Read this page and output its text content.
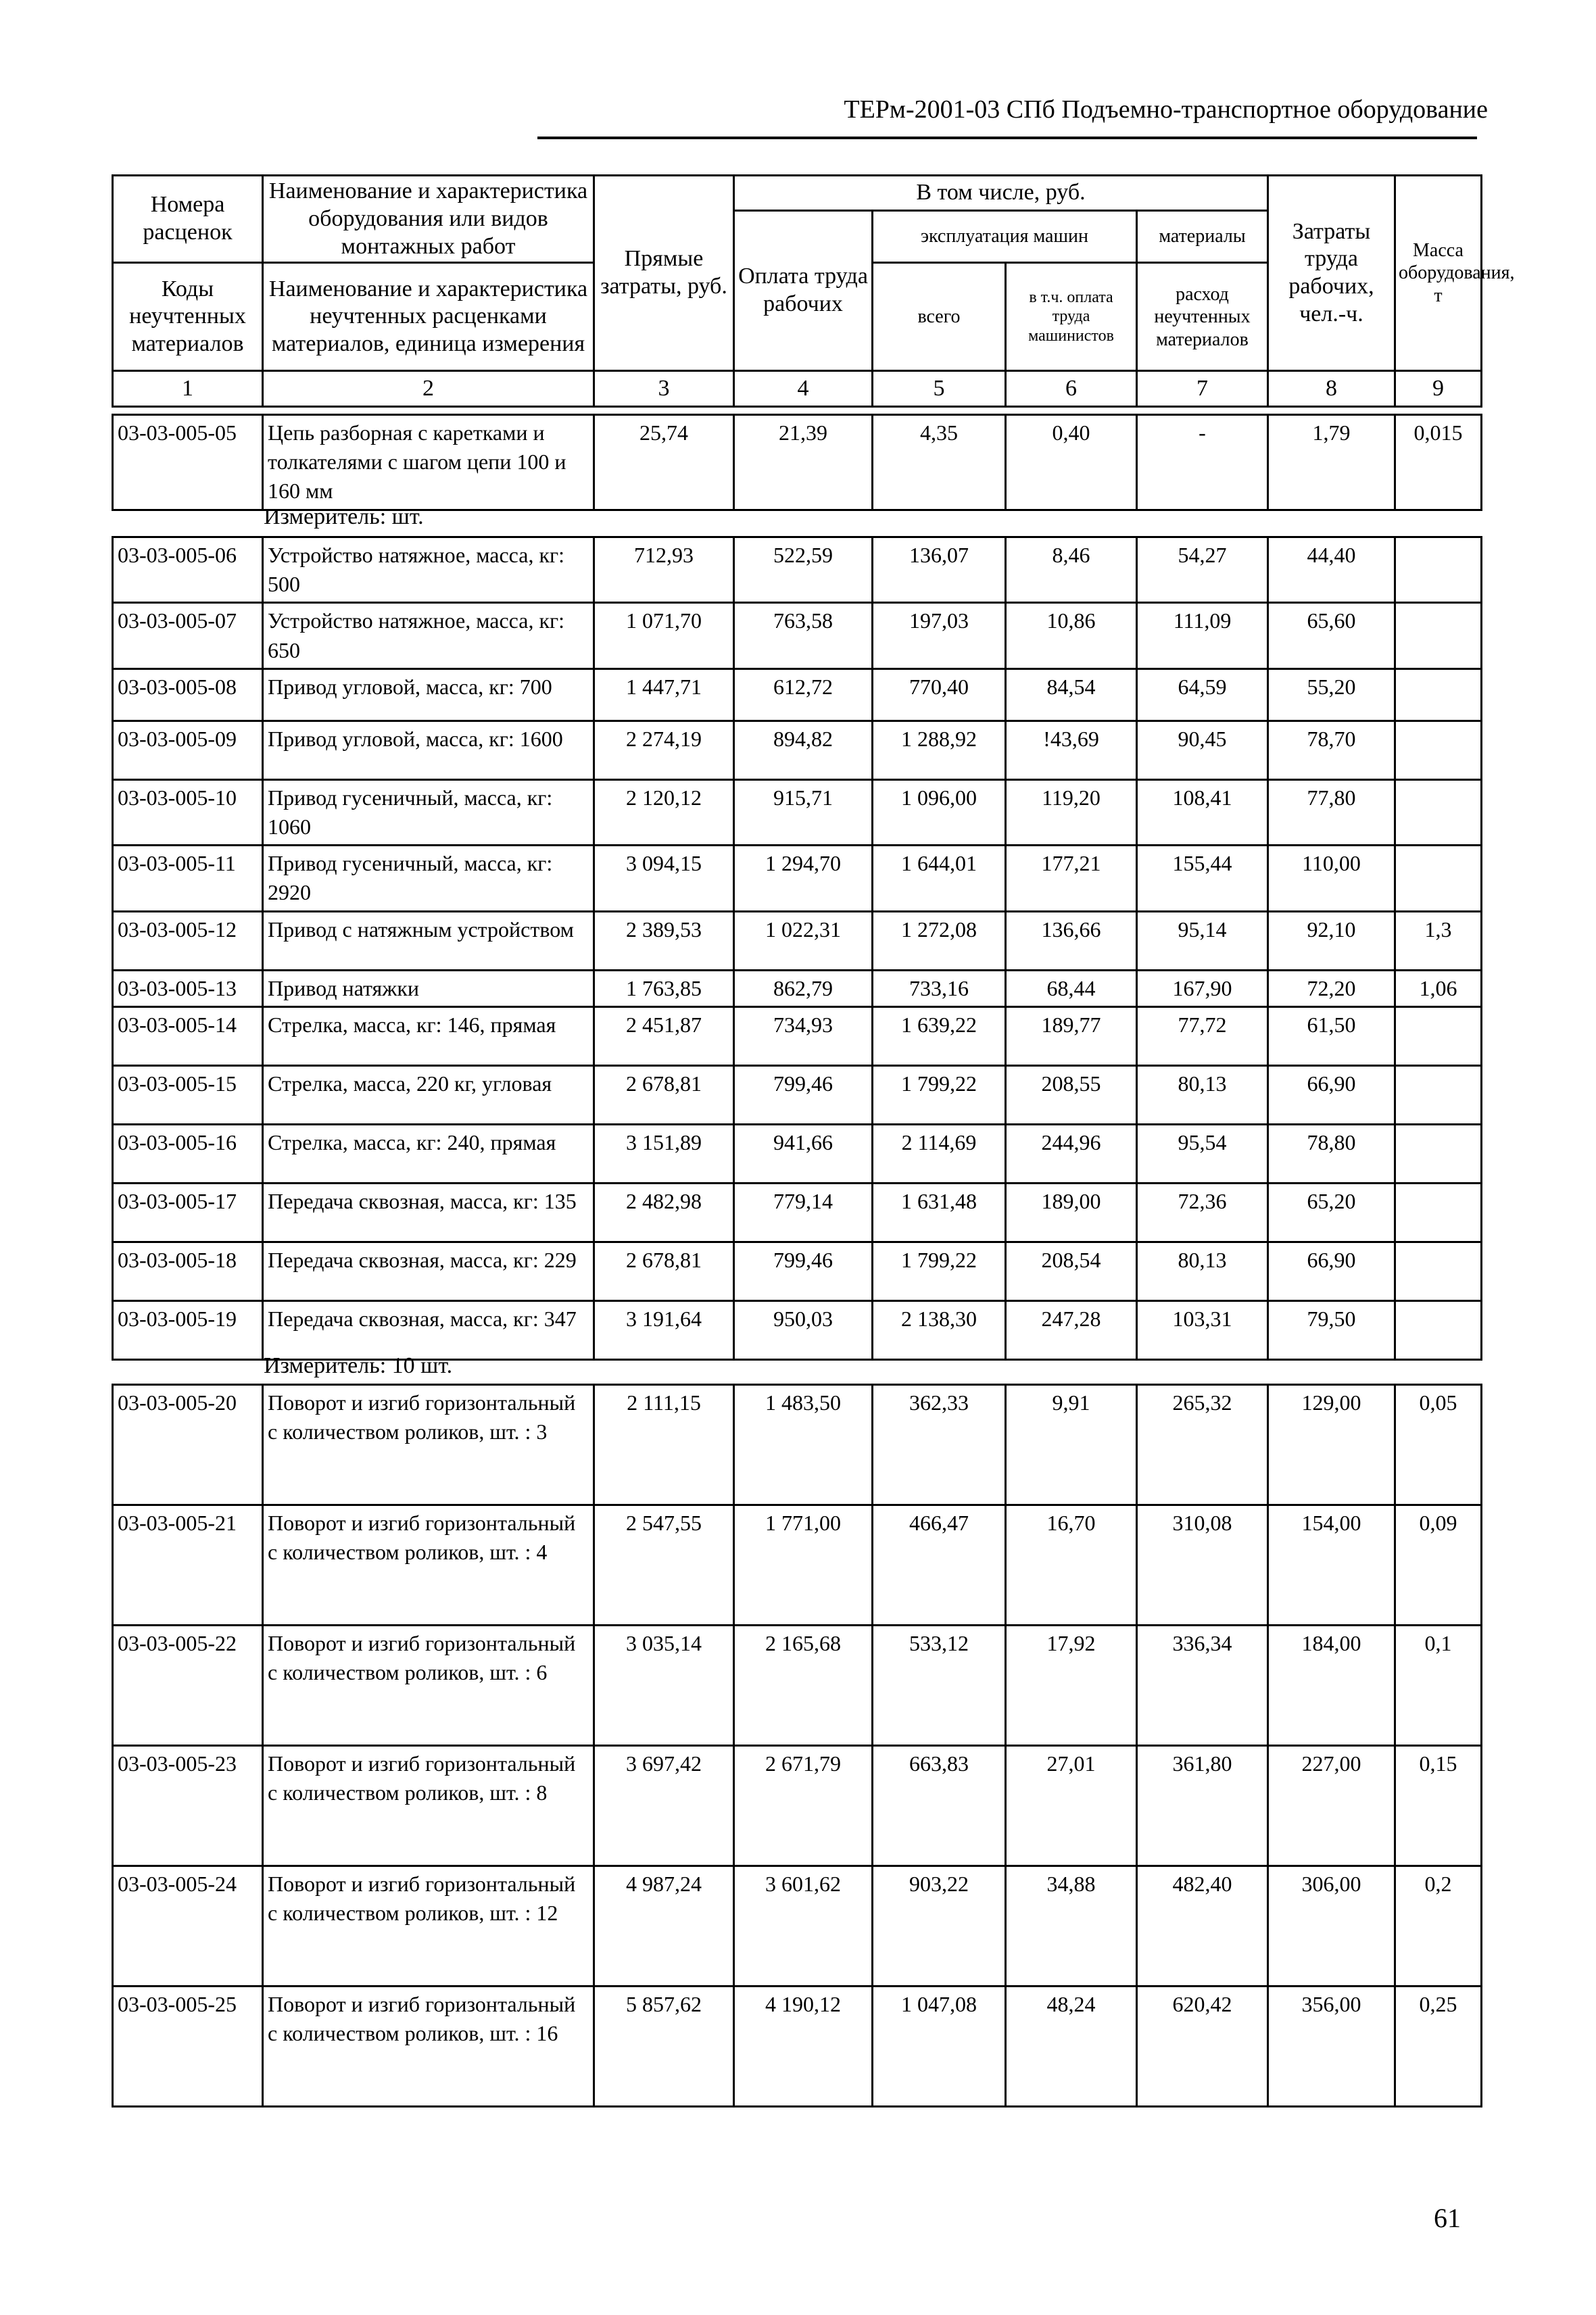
ТЕРм-2001-03 СПб Подъемно-транспортное оборудование
Номера расценок	Наименование и характеристика оборудования или видов монтажных работ	Прямые затраты, руб.	В том числе, руб.				Затраты труда рабочих, чел.-ч.	Масса оборудования, т
			Оплата труда рабочих	эксплуатация машин		материалы		
Коды неучтенных материалов	Наименование и характеристика неучтенных расценками материалов, единица измерения			всего	в т.ч. оплата труда машинистов	расход неучтенных материалов		

1	2	3	4	5	6	7	8	9
03-03-005-05	Цепь разборная с каретками и толкателями с шагом цепи 100 и 160 мм	25,74	21,39	4,35	0,40	-	1,79	0,015
Измеритель: шт.
03-03-005-06	Устройство натяжное, масса, кг: 500	712,93	522,59	136,07	8,46	54,27	44,40	
03-03-005-07	Устройство натяжное, масса, кг: 650	1 071,70	763,58	197,03	10,86	111,09	65,60	
03-03-005-08	Привод угловой, масса, кг: 700	1 447,71	612,72	770,40	84,54	64,59	55,20	
03-03-005-09	Привод угловой, масса, кг: 1600	2 274,19	894,82	1 288,92	!43,69	90,45	78,70	
03-03-005-10	Привод гусеничный, масса, кг: 1060	2 120,12	915,71	1 096,00	119,20	108,41	77,80	
03-03-005-11	Привод гусеничный, масса, кг: 2920	3 094,15	1 294,70	1 644,01	177,21	155,44	110,00	
03-03-005-12	Привод с натяжным устройством	2 389,53	1 022,31	1 272,08	136,66	95,14	92,10	1,3
03-03-005-13	Привод натяжки	1 763,85	862,79	733,16	68,44	167,90	72,20	1,06
03-03-005-14	Стрелка, масса, кг: 146, прямая	2 451,87	734,93	1 639,22	189,77	77,72	61,50	
03-03-005-15	Стрелка, масса, 220 кг, угловая	2 678,81	799,46	1 799,22	208,55	80,13	66,90	
03-03-005-16	Стрелка, масса, кг: 240, прямая	3 151,89	941,66	2 114,69	244,96	95,54	78,80	
03-03-005-17	Передача сквозная, масса, кг: 135	2 482,98	779,14	1 631,48	189,00	72,36	65,20	
03-03-005-18	Передача сквозная, масса, кг: 229	2 678,81	799,46	1 799,22	208,54	80,13	66,90	
03-03-005-19	Передача сквозная, масса, кг: 347	3 191,64	950,03	2 138,30	247,28	103,31	79,50	
Измеритель: 10 шт.
03-03-005-20	Поворот и изгиб горизонтальный с количеством роликов, шт. : 3	2 111,15	1 483,50	362,33	9,91	265,32	129,00	0,05
03-03-005-21	Поворот и изгиб горизонтальный с количеством роликов, шт. : 4	2 547,55	1 771,00	466,47	16,70	310,08	154,00	0,09
03-03-005-22	Поворот и изгиб горизонтальный с количеством роликов, шт. : 6	3 035,14	2 165,68	533,12	17,92	336,34	184,00	0,1
03-03-005-23	Поворот и изгиб горизонтальный с количеством роликов, шт. : 8	3 697,42	2 671,79	663,83	27,01	361,80	227,00	0,15
03-03-005-24	Поворот и изгиб горизонтальный с количеством роликов, шт. : 12	4 987,24	3 601,62	903,22	34,88	482,40	306,00	0,2
03-03-005-25	Поворот и изгиб горизонтальный с количеством роликов, шт. : 16	5 857,62	4 190,12	1 047,08	48,24	620,42	356,00	0,25
61
